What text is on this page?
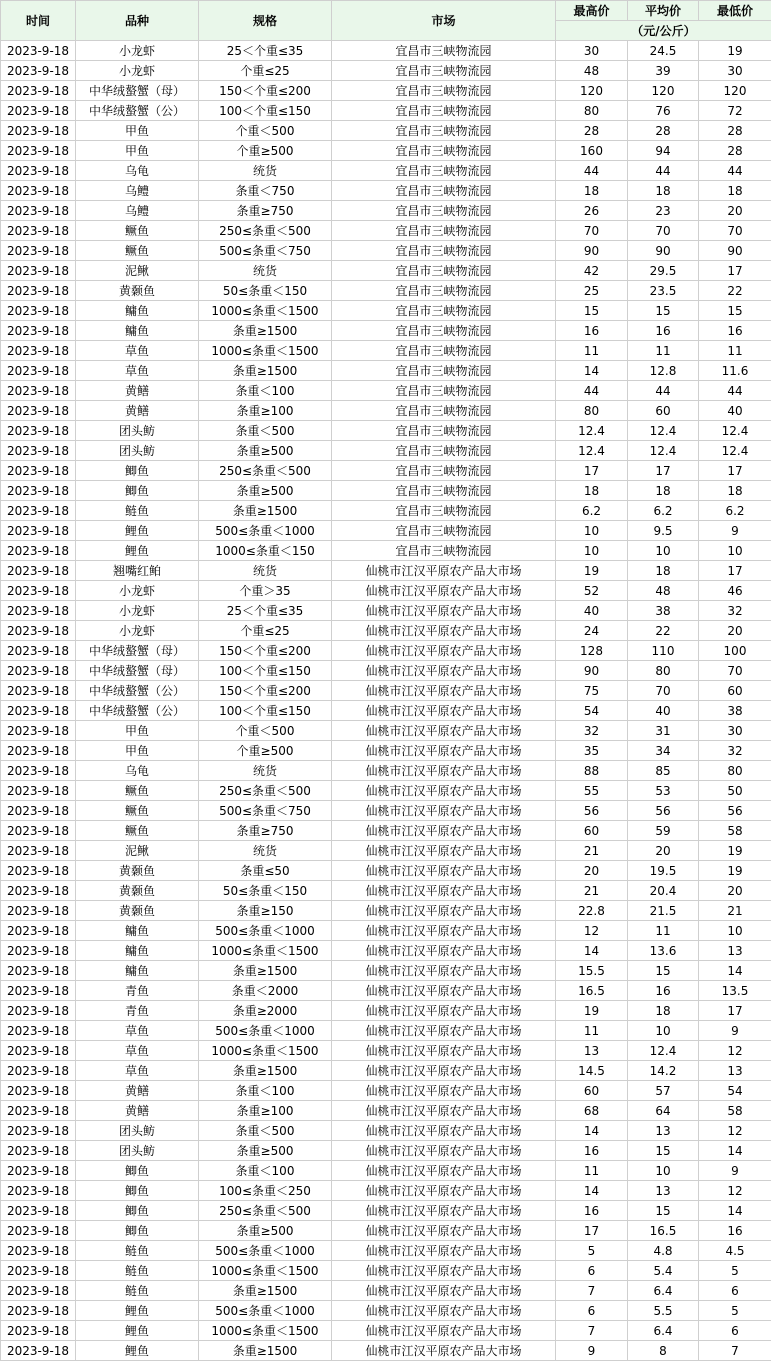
时间	品种	规格	市场	最高价	平均价	最低价
				（元/公斤）		
2023-9-18	小龙虾	25＜个重≤35	宜昌市三峡物流园	30	24.5	19
2023-9-18	小龙虾	个重≤25	宜昌市三峡物流园	48	39	30
2023-9-18	中华绒螯蟹（母）	150＜个重≤200	宜昌市三峡物流园	120	120	120
2023-9-18	中华绒螯蟹（公）	100＜个重≤150	宜昌市三峡物流园	80	76	72
2023-9-18	甲鱼	个重＜500	宜昌市三峡物流园	28	28	28
2023-9-18	甲鱼	个重≥500	宜昌市三峡物流园	160	94	28
2023-9-18	乌龟	统货	宜昌市三峡物流园	44	44	44
2023-9-18	乌鳢	条重＜750	宜昌市三峡物流园	18	18	18
2023-9-18	乌鳢	条重≥750	宜昌市三峡物流园	26	23	20
2023-9-18	鳜鱼	250≤条重＜500	宜昌市三峡物流园	70	70	70
2023-9-18	鳜鱼	500≤条重＜750	宜昌市三峡物流园	90	90	90
2023-9-18	泥鳅	统货	宜昌市三峡物流园	42	29.5	17
2023-9-18	黄颡鱼	50≤条重＜150	宜昌市三峡物流园	25	23.5	22
2023-9-18	鳙鱼	1000≤条重＜1500	宜昌市三峡物流园	15	15	15
2023-9-18	鳙鱼	条重≥1500	宜昌市三峡物流园	16	16	16
2023-9-18	草鱼	1000≤条重＜1500	宜昌市三峡物流园	11	11	11
2023-9-18	草鱼	条重≥1500	宜昌市三峡物流园	14	12.8	11.6
2023-9-18	黄鳝	条重＜100	宜昌市三峡物流园	44	44	44
2023-9-18	黄鳝	条重≥100	宜昌市三峡物流园	80	60	40
2023-9-18	团头鲂	条重＜500	宜昌市三峡物流园	12.4	12.4	12.4
2023-9-18	团头鲂	条重≥500	宜昌市三峡物流园	12.4	12.4	12.4
2023-9-18	鲫鱼	250≤条重＜500	宜昌市三峡物流园	17	17	17
2023-9-18	鲫鱼	条重≥500	宜昌市三峡物流园	18	18	18
2023-9-18	鲢鱼	条重≥1500	宜昌市三峡物流园	6.2	6.2	6.2
2023-9-18	鲤鱼	500≤条重＜1000	宜昌市三峡物流园	10	9.5	9
2023-9-18	鲤鱼	1000≤条重＜150	宜昌市三峡物流园	10	10	10
2023-9-18	翘嘴红鲌	统货	仙桃市江汉平原农产品大市场	19	18	17
2023-9-18	小龙虾	个重＞35	仙桃市江汉平原农产品大市场	52	48	46
2023-9-18	小龙虾	25＜个重≤35	仙桃市江汉平原农产品大市场	40	38	32
2023-9-18	小龙虾	个重≤25	仙桃市江汉平原农产品大市场	24	22	20
2023-9-18	中华绒螯蟹（母）	150＜个重≤200	仙桃市江汉平原农产品大市场	128	110	100
2023-9-18	中华绒螯蟹（母）	100＜个重≤150	仙桃市江汉平原农产品大市场	90	80	70
2023-9-18	中华绒螯蟹（公）	150＜个重≤200	仙桃市江汉平原农产品大市场	75	70	60
2023-9-18	中华绒螯蟹（公）	100＜个重≤150	仙桃市江汉平原农产品大市场	54	40	38
2023-9-18	甲鱼	个重＜500	仙桃市江汉平原农产品大市场	32	31	30
2023-9-18	甲鱼	个重≥500	仙桃市江汉平原农产品大市场	35	34	32
2023-9-18	乌龟	统货	仙桃市江汉平原农产品大市场	88	85	80
2023-9-18	鳜鱼	250≤条重＜500	仙桃市江汉平原农产品大市场	55	53	50
2023-9-18	鳜鱼	500≤条重＜750	仙桃市江汉平原农产品大市场	56	56	56
2023-9-18	鳜鱼	条重≥750	仙桃市江汉平原农产品大市场	60	59	58
2023-9-18	泥鳅	统货	仙桃市江汉平原农产品大市场	21	20	19
2023-9-18	黄颡鱼	条重≤50	仙桃市江汉平原农产品大市场	20	19.5	19
2023-9-18	黄颡鱼	50≤条重＜150	仙桃市江汉平原农产品大市场	21	20.4	20
2023-9-18	黄颡鱼	条重≥150	仙桃市江汉平原农产品大市场	22.8	21.5	21
2023-9-18	鳙鱼	500≤条重＜1000	仙桃市江汉平原农产品大市场	12	11	10
2023-9-18	鳙鱼	1000≤条重＜1500	仙桃市江汉平原农产品大市场	14	13.6	13
2023-9-18	鳙鱼	条重≥1500	仙桃市江汉平原农产品大市场	15.5	15	14
2023-9-18	青鱼	条重＜2000	仙桃市江汉平原农产品大市场	16.5	16	13.5
2023-9-18	青鱼	条重≥2000	仙桃市江汉平原农产品大市场	19	18	17
2023-9-18	草鱼	500≤条重＜1000	仙桃市江汉平原农产品大市场	11	10	9
2023-9-18	草鱼	1000≤条重＜1500	仙桃市江汉平原农产品大市场	13	12.4	12
2023-9-18	草鱼	条重≥1500	仙桃市江汉平原农产品大市场	14.5	14.2	13
2023-9-18	黄鳝	条重＜100	仙桃市江汉平原农产品大市场	60	57	54
2023-9-18	黄鳝	条重≥100	仙桃市江汉平原农产品大市场	68	64	58
2023-9-18	团头鲂	条重＜500	仙桃市江汉平原农产品大市场	14	13	12
2023-9-18	团头鲂	条重≥500	仙桃市江汉平原农产品大市场	16	15	14
2023-9-18	鲫鱼	条重＜100	仙桃市江汉平原农产品大市场	11	10	9
2023-9-18	鲫鱼	100≤条重＜250	仙桃市江汉平原农产品大市场	14	13	12
2023-9-18	鲫鱼	250≤条重＜500	仙桃市江汉平原农产品大市场	16	15	14
2023-9-18	鲫鱼	条重≥500	仙桃市江汉平原农产品大市场	17	16.5	16
2023-9-18	鲢鱼	500≤条重＜1000	仙桃市江汉平原农产品大市场	5	4.8	4.5
2023-9-18	鲢鱼	1000≤条重＜1500	仙桃市江汉平原农产品大市场	6	5.4	5
2023-9-18	鲢鱼	条重≥1500	仙桃市江汉平原农产品大市场	7	6.4	6
2023-9-18	鲤鱼	500≤条重＜1000	仙桃市江汉平原农产品大市场	6	5.5	5
2023-9-18	鲤鱼	1000≤条重＜1500	仙桃市江汉平原农产品大市场	7	6.4	6
2023-9-18	鲤鱼	条重≥1500	仙桃市江汉平原农产品大市场	9	8	7
